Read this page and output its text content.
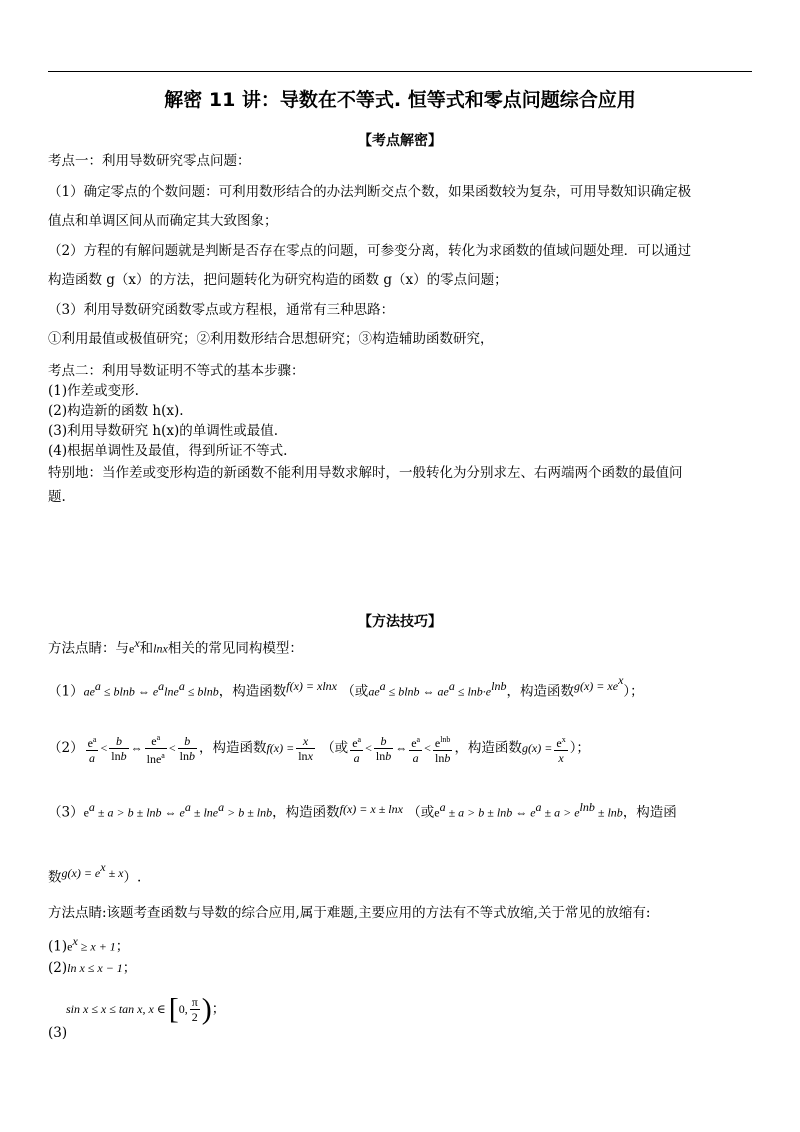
解密 11 讲：导数在不等式. 恒等式和零点问题综合应用
【考点解密】
考点一：利用导数研究零点问题：
（1）确定零点的个数问题：可利用数形结合的办法判断交点个数，如果函数较为复杂，可用导数知识确定极
值点和单调区间从而确定其大致图象；
（2）方程的有解问题就是判断是否存在零点的问题，可参变分离，转化为求函数的值域问题处理．可以通过
构造函数 g（x）的方法，把问题转化为研究构造的函数 g（x）的零点问题；
（3）利用导数研究函数零点或方程根，通常有三种思路：
①利用最值或极值研究；②利用数形结合思想研究；③构造辅助函数研究，
考点二：利用导数证明不等式的基本步骤：
(1)作差或变形.
(2)构造新的函数 h(x).
(3)利用导数研究 h(x)的单调性或最值.
(4)根据单调性及最值，得到所证不等式.
特别地：当作差或变形构造的新函数不能利用导数求解时，一般转化为分别求左、右两端两个函数的最值问
题.
【方法技巧】
方法点睛：与$e^x$和lnx相关的常见同构模型：
$(1)ae^a \le blnb$ ⇔ $e^a\ln e^a \le blnb$，构造函数f(x) = xlnx （或$ae^a \le blnb$ ⇔ $ae^a \le \ln b\cdot e^{lnb}$，构造函数$g(x) = xe^x$）；
$(2) \frac{e^a}{a} < \frac{b}{\ln b}$ ⇔ $\frac{e^a}{\ln e^a} < \frac{b}{\ln b}$ ，构造函数$f(x) = \frac{x}{\ln x}$ （或 $\frac{e^a}{a} < \frac{b}{\ln b}$ ⇔ $\frac{e^a}{a} < \frac{e^{lnb}}{\ln b}$ ，构造函数$g(x) = \frac{e^x}{x}$ ）；
$(3)e^a \pm a > b \pm \ln b$ ⇔ $e^a \pm \ln e^a > b \pm \ln b$，构造函数f(x) = x ± lnx （或$e^a \pm a > b \pm \ln b$ ⇔ $e^a \pm a > e^{lnb} \pm \ln b$，构造函
数$g(x) = e^x \pm x$）.
方法点睛:该题考查函数与导数的综合应用,属于难题,主要应用的方法有不等式放缩,关于常见的放缩有:
$(1)e^x \ge x + 1$；
(2)ln x ≤ x − 1；
sin x ≤ x ≤ tan x, x ∈ [0, $\frac{\pi}{2}$ )；
(3)
